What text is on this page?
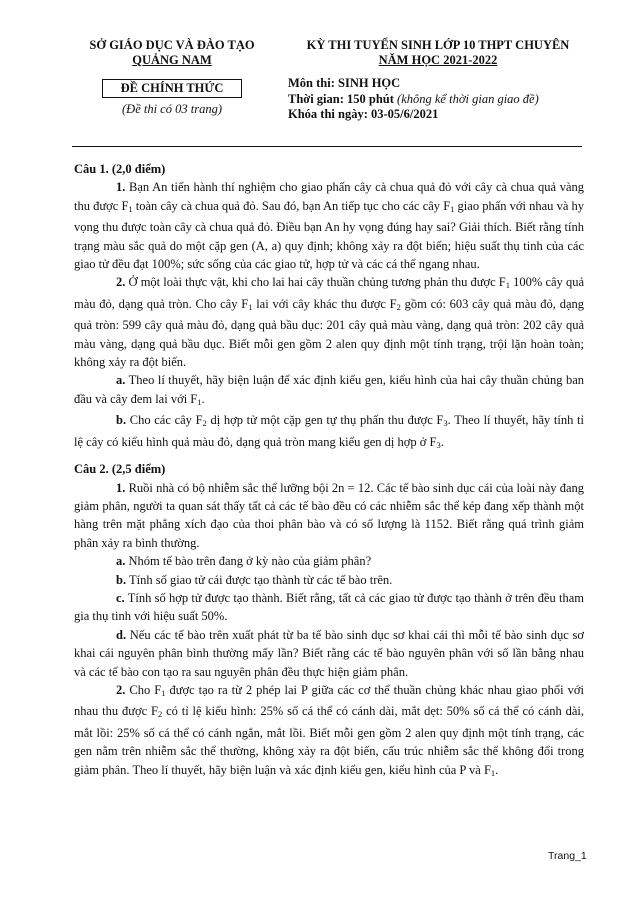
SỞ GIÁO DỤC VÀ ĐÀO TẠO
QUẢNG NAM
ĐỀ CHÍNH THỨC
(Đề thi có 03 trang)
KỲ THI TUYỂN SINH LỚP 10 THPT CHUYÊN
NĂM HỌC 2021-2022
Môn thi: SINH HỌC
Thời gian: 150 phút (không kể thời gian giao đề)
Khóa thi ngày: 03-05/6/2021

Câu 1. (2,0 điểm)

1. Bạn An tiến hành thí nghiệm cho giao phấn cây cà chua quả đỏ với cây cà chua quả vàng thu được $F_1$ toàn cây cà chua quả đỏ. Sau đó, bạn An tiếp tục cho các cây $F_1$ giao phấn với nhau và hy vọng thu được toàn cây cà chua quả đỏ. Điều bạn An hy vọng đúng hay sai? Giải thích. Biết rằng tính trạng màu sắc quả do một cặp gen (A, a) quy định; không xảy ra đột biến; hiệu suất thụ tinh của các giao tử đều đạt 100%; sức sống của các giao tử, hợp tử và các cá thể ngang nhau.

2. Ở một loài thực vật, khi cho lai hai cây thuần chủng tương phản thu được $F_1$ 100% cây quả màu đỏ, dạng quả tròn. Cho cây $F_1$ lai với cây khác thu được $F_2$ gồm có: 603 cây quả màu đỏ, dạng quả tròn: 599 cây quả màu đỏ, dạng quả bầu dục: 201 cây quả màu vàng, dạng quả tròn: 202 cây quả màu vàng, dạng quả bầu dục. Biết mỗi gen gồm 2 alen quy định một tính trạng, trội lặn hoàn toàn; không xảy ra đột biến.

a. Theo lí thuyết, hãy biện luận để xác định kiểu gen, kiểu hình của hai cây thuần chủng ban đầu và cây đem lai với $F_1$.

b. Cho các cây $F_2$ dị hợp tử một cặp gen tự thụ phấn thu được $F_3$. Theo lí thuyết, hãy tính tỉ lệ cây có kiểu hình quả màu đỏ, dạng quả tròn mang kiểu gen dị hợp ở $F_3$.

Câu 2. (2,5 điểm)

1. Ruồi nhà có bộ nhiễm sắc thể lưỡng bội 2n = 12. Các tế bào sinh dục cái của loài này đang giảm phân, người ta quan sát thấy tất cả các tế bào đều có các nhiễm sắc thể kép đang xếp thành một hàng trên mặt phẳng xích đạo của thoi phân bào và có số lượng là 1152. Biết rằng quá trình giảm phân xảy ra bình thường.

a. Nhóm tế bào trên đang ở kỳ nào của giảm phân?

b. Tính số giao tử cái được tạo thành từ các tế bào trên.

c. Tính số hợp tử được tạo thành. Biết rằng, tất cả các giao tử được tạo thành ở trên đều tham gia thụ tinh với hiệu suất 50%.

d. Nếu các tế bào trên xuất phát từ ba tế bào sinh dục sơ khai cái thì mỗi tế bào sinh dục sơ khai cái nguyên phân bình thường mấy lần? Biết rằng các tế bào nguyên phân với số lần bằng nhau và các tế bào con tạo ra sau nguyên phân đều thực hiện giảm phân.

2. Cho $F_1$ được tạo ra từ 2 phép lai P giữa các cơ thể thuần chủng khác nhau giao phối với nhau thu được $F_2$ có tỉ lệ kiểu hình: 25% số cá thể có cánh dài, mắt dẹt: 50% số cá thể có cánh dài, mắt lồi: 25% số cá thể có cánh ngắn, mắt lồi. Biết mỗi gen gồm 2 alen quy định một tính trạng, các gen nằm trên nhiễm sắc thể thường, không xảy ra đột biến, cấu trúc nhiễm sắc thể không đổi trong giảm phân. Theo lí thuyết, hãy biện luận và xác định kiểu gen, kiểu hình của P và $F_1$.

Trang_1
